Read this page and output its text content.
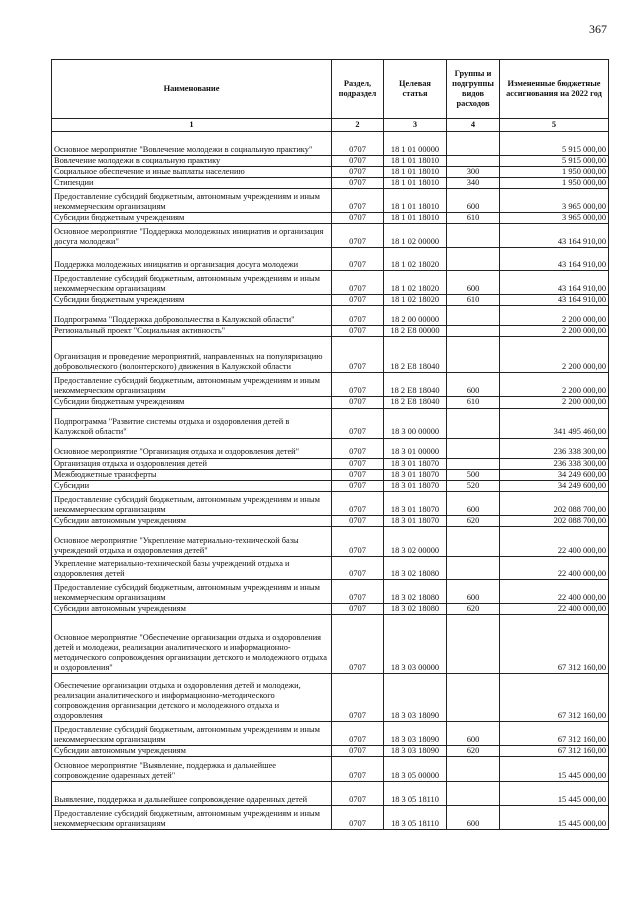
367
Наименование	Раздел, подраздел	Целевая статья	Группы и подгруппы видов расходов	Измененные бюджетные ассигнования на 2022 год
1	2	3	4	5
Основное мероприятие "Вовлечение молодежи в социальную практику"	0707	18 1 01 00000		5 915 000,00
Вовлечение молодежи в социальную практику	0707	18 1 01 18010		5 915 000,00
Социальное обеспечение и иные выплаты населению	0707	18 1 01 18010	300	1 950 000,00
Стипендии	0707	18 1 01 18010	340	1 950 000,00
Предоставление субсидий бюджетным, автономным учреждениям и иным некоммерческим организациям	0707	18 1 01 18010	600	3 965 000,00
Субсидии бюджетным учреждениям	0707	18 1 01 18010	610	3 965 000,00
Основное мероприятие "Поддержка молодежных инициатив и организация досуга молодежи"	0707	18 1 02 00000		43 164 910,00
Поддержка молодежных инициатив и организация досуга молодежи	0707	18 1 02 18020		43 164 910,00
Предоставление субсидий бюджетным, автономным учреждениям и иным некоммерческим организациям	0707	18 1 02 18020	600	43 164 910,00
Субсидии бюджетным учреждениям	0707	18 1 02 18020	610	43 164 910,00
Подпрограмма "Поддержка добровольчества в Калужской области"	0707	18 2 00 00000		2 200 000,00
Региональный проект "Социальная активность"	0707	18 2 E8 00000		2 200 000,00
Организация и проведение мероприятий, направленных на популяризацию добровольческого (волонтерского) движения в Калужской области	0707	18 2 E8 18040		2 200 000,00
Предоставление субсидий бюджетным, автономным учреждениям и иным некоммерческим организациям	0707	18 2 E8 18040	600	2 200 000,00
Субсидии бюджетным учреждениям	0707	18 2 E8 18040	610	2 200 000,00
Подпрограмма "Развитие системы отдыха и оздоровления детей в Калужской области"	0707	18 3 00 00000		341 495 460,00
Основное мероприятие "Организация отдыха и оздоровления детей"	0707	18 3 01 00000		236 338 300,00
Организация отдыха и оздоровления детей	0707	18 3 01 18070		236 338 300,00
Межбюджетные трансферты	0707	18 3 01 18070	500	34 249 600,00
Субсидии	0707	18 3 01 18070	520	34 249 600,00
Предоставление субсидий бюджетным, автономным учреждениям и иным некоммерческим организациям	0707	18 3 01 18070	600	202 088 700,00
Субсидии автономным учреждениям	0707	18 3 01 18070	620	202 088 700,00
Основное мероприятие "Укрепление материально-технической базы учреждений отдыха и оздоровления детей"	0707	18 3 02 00000		22 400 000,00
Укрепление материально-технической базы учреждений отдыха и оздоровления детей	0707	18 3 02 18080		22 400 000,00
Предоставление субсидий бюджетным, автономным учреждениям и иным некоммерческим организациям	0707	18 3 02 18080	600	22 400 000,00
Субсидии автономным учреждениям	0707	18 3 02 18080	620	22 400 000,00
Основное мероприятие "Обеспечение организации отдыха и оздоровления детей и молодежи, реализации аналитического и информационно-методического сопровождения организации детского и молодежного отдыха и оздоровления"	0707	18 3 03 00000		67 312 160,00
Обеспечение организации отдыха и оздоровления детей и молодежи, реализации аналитического и информационно-методического сопровождения организации детского и молодежного отдыха и оздоровления	0707	18 3 03 18090		67 312 160,00
Предоставление субсидий бюджетным, автономным учреждениям и иным некоммерческим организациям	0707	18 3 03 18090	600	67 312 160,00
Субсидии автономным учреждениям	0707	18 3 03 18090	620	67 312 160,00
Основное мероприятие "Выявление, поддержка и дальнейшее сопровождение одаренных детей"	0707	18 3 05 00000		15 445 000,00
Выявление, поддержка и дальнейшее сопровождение одаренных детей	0707	18 3 05 18110		15 445 000,00
Предоставление субсидий бюджетным, автономным учреждениям и иным некоммерческим организациям	0707	18 3 05 18110	600	15 445 000,00
